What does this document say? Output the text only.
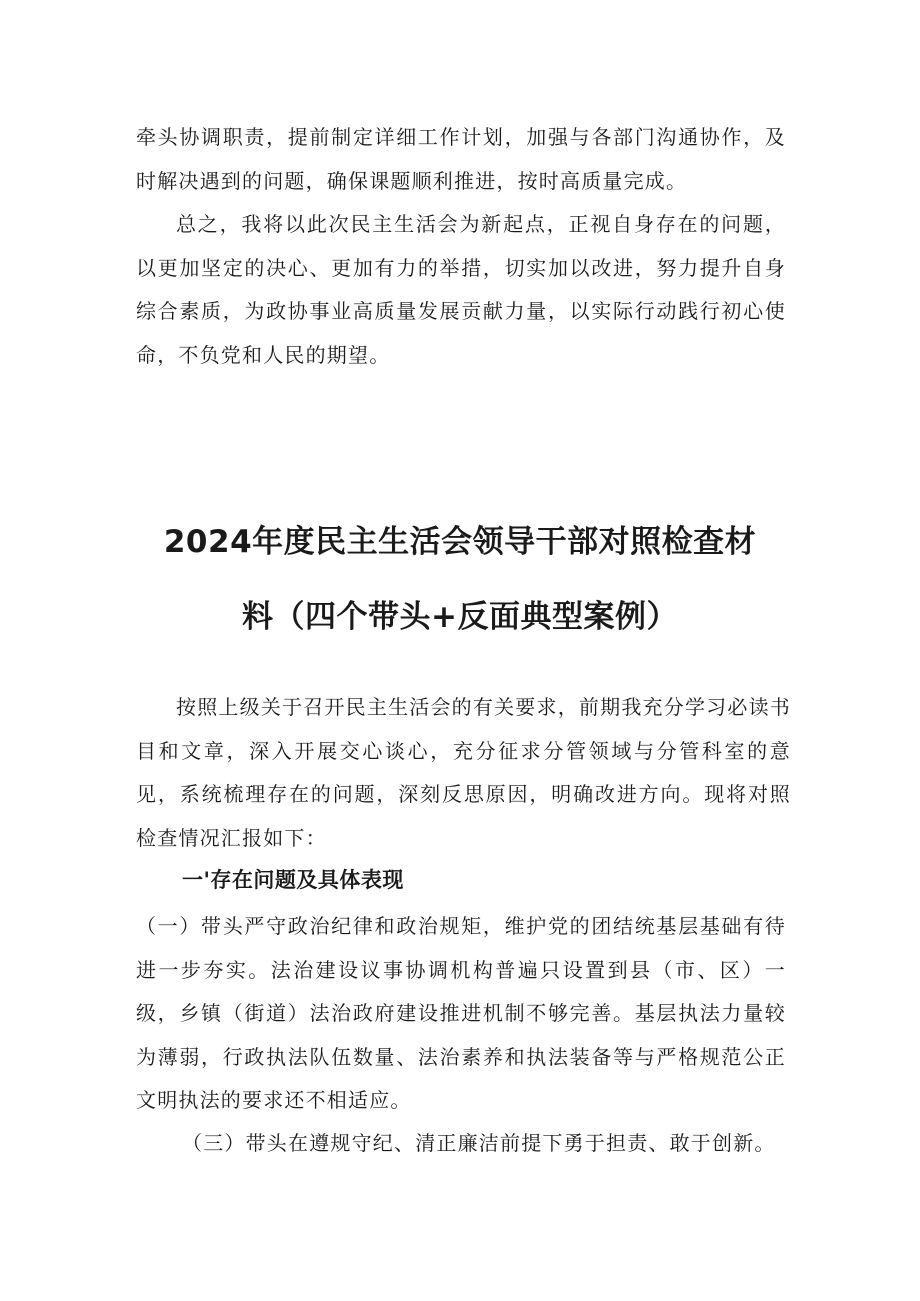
牵头协调职责，提前制定详细工作计划，加强与各部门沟通协作，及时解决遇到的问题，确保课题顺利推进，按时高质量完成。

总之，我将以此次民主生活会为新起点，正视自身存在的问题，以更加坚定的决心、更加有力的举措，切实加以改进，努力提升自身综合素质，为政协事业高质量发展贡献力量，以实际行动践行初心使命，不负党和人民的期望。

2024年度民主生活会领导干部对照检查材
料（四个带头+反面典型案例）

按照上级关于召开民主生活会的有关要求，前期我充分学习必读书目和文章，深入开展交心谈心，充分征求分管领域与分管科室的意见，系统梳理存在的问题，深刻反思原因，明确改进方向。现将对照检查情况汇报如下：

一'存在问题及具体表现

（一）带头严守政治纪律和政治规矩，维护党的团结统基层基础有待进一步夯实。法治建设议事协调机构普遍只设置到县（市、区）一级，乡镇（街道）法治政府建设推进机制不够完善。基层执法力量较为薄弱，行政执法队伍数量、法治素养和执法装备等与严格规范公正文明执法的要求还不相适应。

（三）带头在遵规守纪、清正廉洁前提下勇于担责、敢于创新。
